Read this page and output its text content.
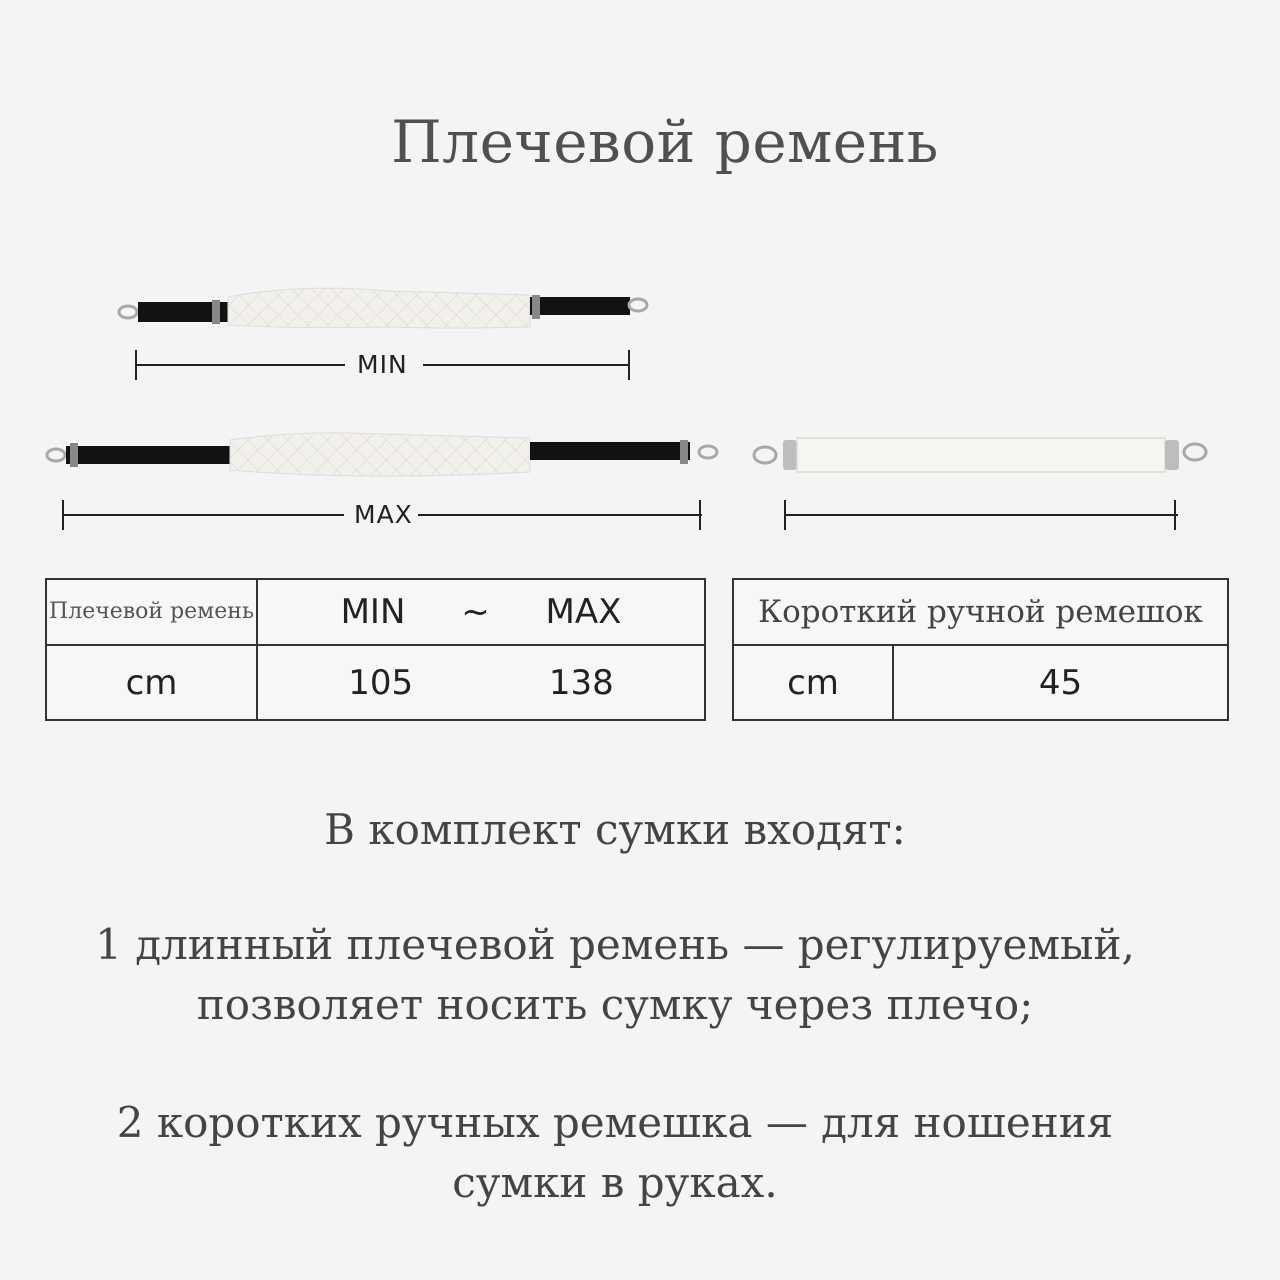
Плечевой ремень
MIN
MAX
Плечевой ремень	MIN ~ MAX
cm	105 138
Короткий ручной ремешок
cm	45
В комплект сумки входят:
1 длинный плечевой ремень — регулируемый,
позволяет носить сумку через плечо;
2 коротких ручных ремешка — для ношения
сумки в руках.
